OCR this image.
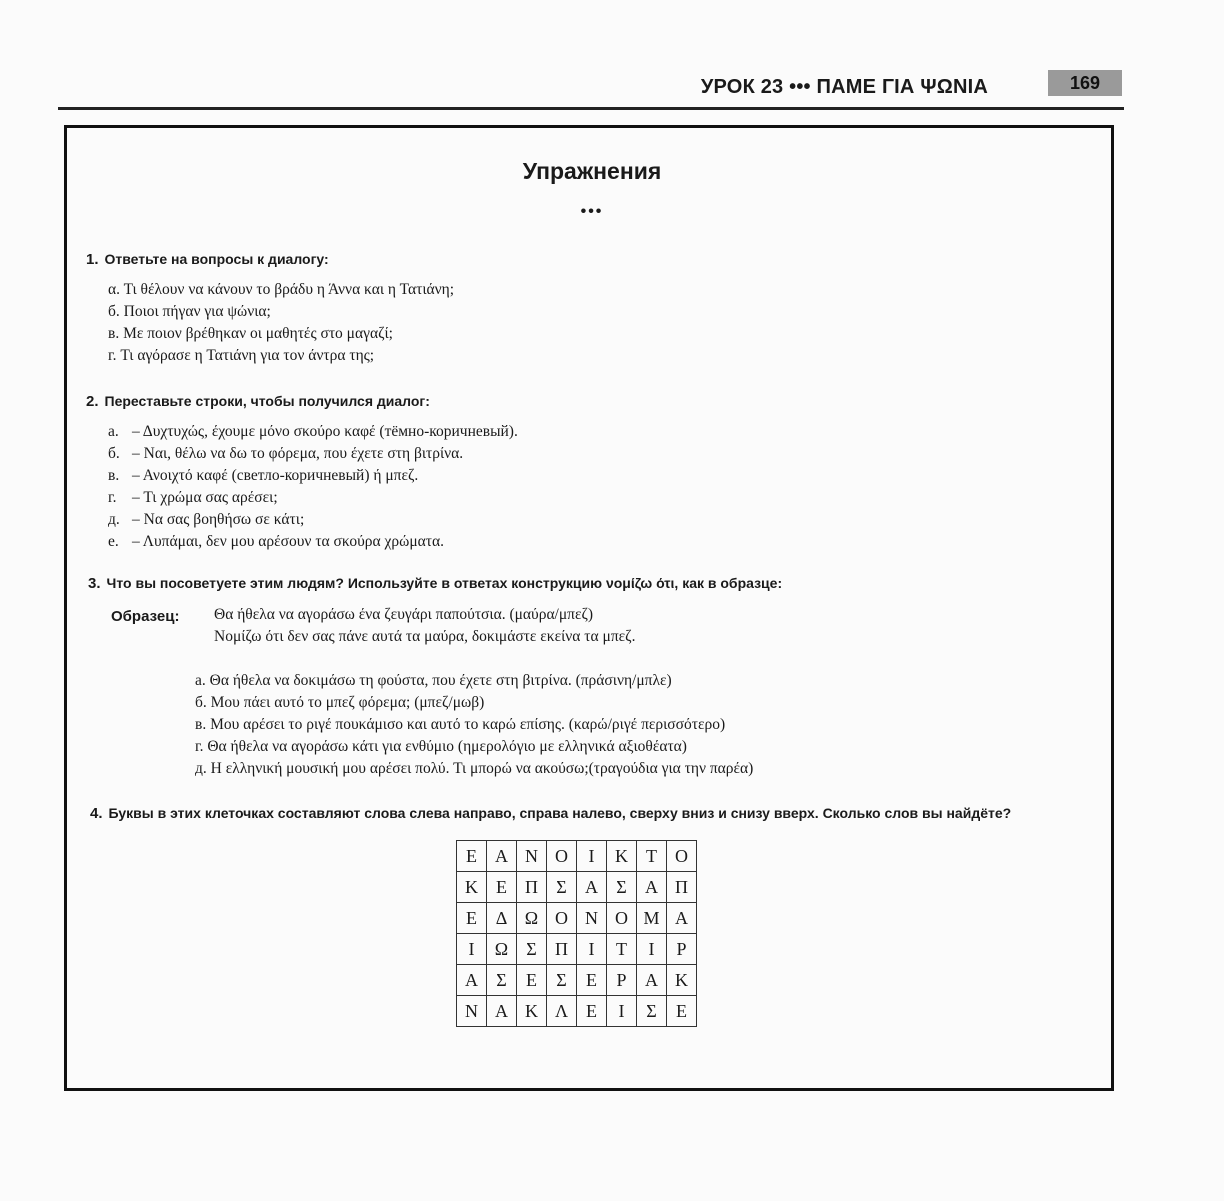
УРОК 23 ••• ΠΑΜΕ ΓΙΑ ΨΩΝΙΑ	169
Упражнения
•••
1. Ответьте на вопросы к диалогу:
α. Τι θέλουν να κάνουν το βράδυ η Άννα και η Τατιάνη;
б. Ποιοι πήγαν για ψώνια;
в. Με ποιον βρέθηκαν οι μαθητές στο μαγαζί;
г. Τι αγόρασε η Τατιάνη για τον άντρα της;
2. Переставьте строки, чтобы получился диалог:
а. – Δυχτυχώς, έχουμε μόνο σκούρο καφέ (тёмно-коричневый).
б. – Ναι, θέλω να δω το φόρεμα, που έχετε στη βιτρίνα.
в. – Ανοιχτό καφέ (светло-коричневый) ή μπεζ.
г. – Τι χρώμα σας αρέσει;
д. – Να σας βοηθήσω σε κάτι;
е. – Λυπάμαι, δεν μου αρέσουν τα σκούρα χρώματα.
3. Что вы посоветуете этим людям? Используйте в ответах конструкцию νομίζω ότι, как в образце:
Образец: Θα ήθελα να αγοράσω ένα ζευγάρι παπούτσια. (μαύρα/μπεζ)
Νομίζω ότι δεν σας πάνε αυτά τα μαύρα, δοκιμάστε εκείνα τα μπεζ.
а. Θα ήθελα να δοκιμάσω τη φούστα, που έχετε στη βιτρίνα. (πράσινη/μπλε)
б. Μου πάει αυτό το μπεζ φόρεμα; (μπεζ/μωβ)
в. Μου αρέσει το ριγέ πουκάμισο και αυτό το καρώ επίσης. (καρώ/ριγέ περισσότερο)
г. Θα ήθελα να αγοράσω κάτι για ενθύμιο (ημερολόγιο με ελληνικά αξιοθέατα)
д. Η ελληνική μουσική μου αρέσει πολύ. Τι μπορώ να ακούσω;(τραγούδια για την παρέα)
4. Буквы в этих клеточках составляют слова слева направо, справа налево, сверху вниз и снизу вверх. Сколько слов вы найдёте?
Ε	Α	Ν	Ο	Ι	Κ	Τ	Ο
Κ	Ε	Π	Σ	Α	Σ	Α	Π
Ε	Δ	Ω	Ο	Ν	Ο	Μ	Α
Ι	Ω	Σ	Π	Ι	Τ	Ι	Ρ
Α	Σ	Ε	Σ	Ε	Ρ	Α	Κ
Ν	Α	Κ	Λ	Ε	Ι	Σ	Ε
